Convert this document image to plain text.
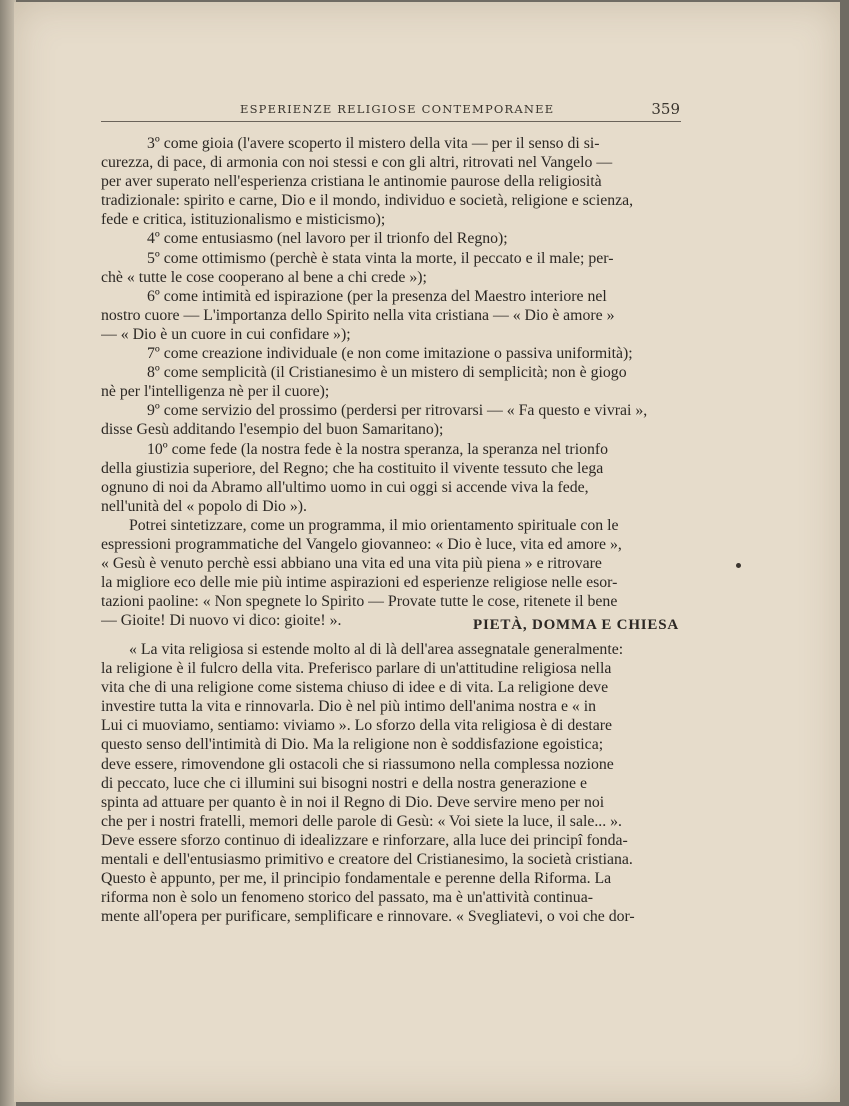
ESPERIENZE RELIGIOSE CONTEMPORANEE	359
3º come gioia (l'avere scoperto il mistero della vita — per il senso di si-
curezza, di pace, di armonia con noi stessi e con gli altri, ritrovati nel Vangelo —
per aver superato nell'esperienza cristiana le antinomie paurose della religiosità
tradizionale: spirito e carne, Dio e il mondo, individuo e società, religione e scienza,
fede e critica, istituzionalismo e misticismo);
4º come entusiasmo (nel lavoro per il trionfo del Regno);
5º come ottimismo (perchè è stata vinta la morte, il peccato e il male; per-
chè « tutte le cose cooperano al bene a chi crede »);
6º come intimità ed ispirazione (per la presenza del Maestro interiore nel
nostro cuore — L'importanza dello Spirito nella vita cristiana — « Dio è amore »
— « Dio è un cuore in cui confidare »);
7º come creazione individuale (e non come imitazione o passiva uniformità);
8º come semplicità (il Cristianesimo è un mistero di semplicità; non è giogo
nè per l'intelligenza nè per il cuore);
9º come servizio del prossimo (perdersi per ritrovarsi — « Fa questo e vivrai »,
disse Gesù additando l'esempio del buon Samaritano);
10º come fede (la nostra fede è la nostra speranza, la speranza nel trionfo
della giustizia superiore, del Regno; che ha costituito il vivente tessuto che lega
ognuno di noi da Abramo all'ultimo uomo in cui oggi si accende viva la fede,
nell'unità del « popolo di Dio »).
Potrei sintetizzare, come un programma, il mio orientamento spirituale con le
espressioni programmatiche del Vangelo giovanneo: « Dio è luce, vita ed amore »,
« Gesù è venuto perchè essi abbiano una vita ed una vita più piena » e ritrovare
la migliore eco delle mie più intime aspirazioni ed esperienze religiose nelle esor-
tazioni paoline: « Non spegnete lo Spirito — Provate tutte le cose, ritenete il bene
— Gioite! Di nuovo vi dico: gioite! ».	PIETÀ, DOMMA E CHIESA
« La vita religiosa si estende molto al di là dell'area assegnatale generalmente:
la religione è il fulcro della vita. Preferisco parlare di un'attitudine religiosa nella
vita che di una religione come sistema chiuso di idee e di vita. La religione deve
investire tutta la vita e rinnovarla. Dio è nel più intimo dell'anima nostra e « in
Lui ci muoviamo, sentiamo: viviamo ». Lo sforzo della vita religiosa è di destare
questo senso dell'intimità di Dio. Ma la religione non è soddisfazione egoistica;
deve essere, rimovendone gli ostacoli che si riassumono nella complessa nozione
di peccato, luce che ci illumini sui bisogni nostri e della nostra generazione e
spinta ad attuare per quanto è in noi il Regno di Dio. Deve servire meno per noi
che per i nostri fratelli, memori delle parole di Gesù: « Voi siete la luce, il sale... ».
Deve essere sforzo continuo di idealizzare e rinforzare, alla luce dei principî fonda-
mentali e dell'entusiasmo primitivo e creatore del Cristianesimo, la società cristiana.
Questo è appunto, per me, il principio fondamentale e perenne della Riforma. La
riforma non è solo un fenomeno storico del passato, ma è un'attività continua-
mente all'opera per purificare, semplificare e rinnovare. « Svegliatevi, o voi che dor-
